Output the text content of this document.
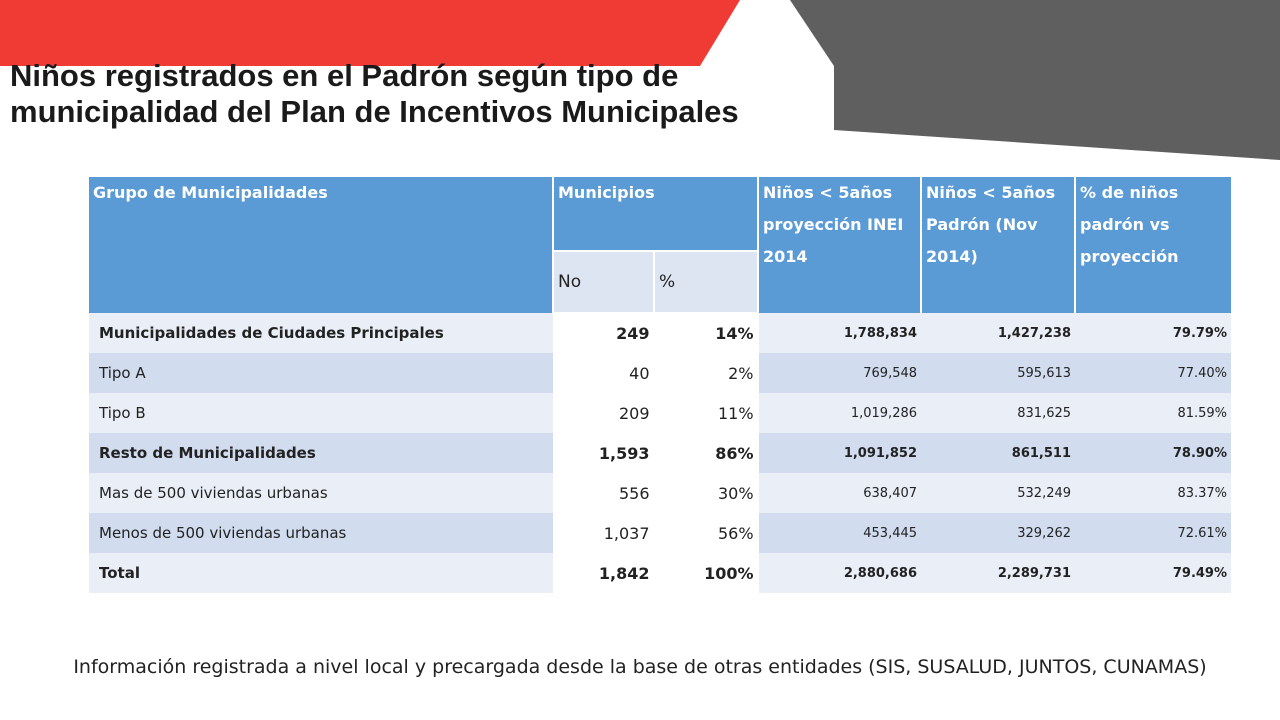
Niños registrados en el Padrón según tipo de municipalidad del Plan de Incentivos Municipales
Grupo de Municipalidades	Municipios		Niños < 5años proyección INEI 2014	Niños < 5años Padrón (Nov 2014)	% de niños padrón vs proyección
	No	%			
Municipalidades de Ciudades Principales	249	14%	1,788,834	1,427,238	79.79%
Tipo A	40	2%	769,548	595,613	77.40%
Tipo B	209	11%	1,019,286	831,625	81.59%
Resto de Municipalidades	1,593	86%	1,091,852	861,511	78.90%
Mas de 500 viviendas urbanas	556	30%	638,407	532,249	83.37%
Menos de 500 viviendas urbanas	1,037	56%	453,445	329,262	72.61%
Total	1,842	100%	2,880,686	2,289,731	79.49%
Información registrada a nivel local y precargada desde la base de otras entidades (SIS, SUSALUD, JUNTOS, CUNAMAS)
